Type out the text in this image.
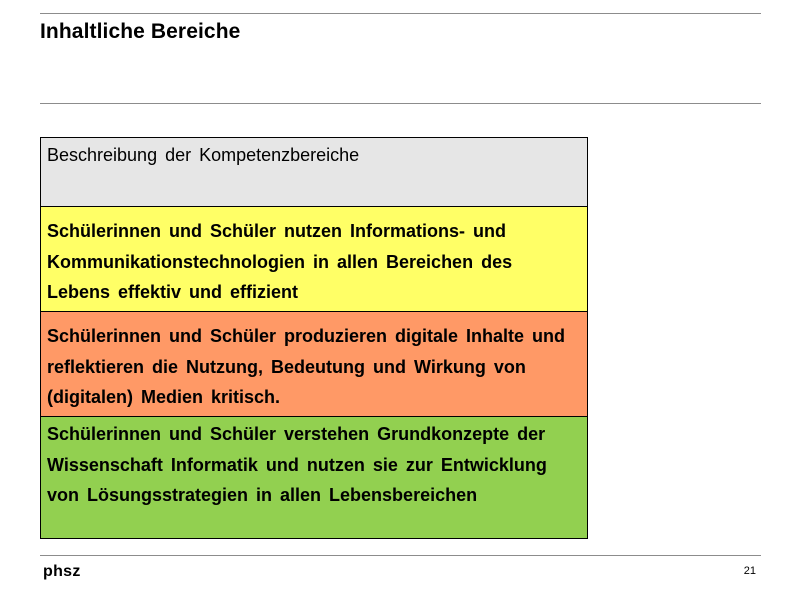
Inhaltliche Bereiche
Beschreibung der Kompetenzbereiche
Schülerinnen und Schüler nutzen Informations- und Kommunikationstechnologien in allen Bereichen des Lebens effektiv und effizient
Schülerinnen und Schüler produzieren digitale Inhalte und reflektieren die Nutzung, Bedeutung und Wirkung von (digitalen) Medien kritisch.
Schülerinnen und Schüler verstehen Grundkonzepte der Wissenschaft Informatik und nutzen sie zur Entwicklung von Lösungsstrategien in allen Lebensbereichen
phsz	21
